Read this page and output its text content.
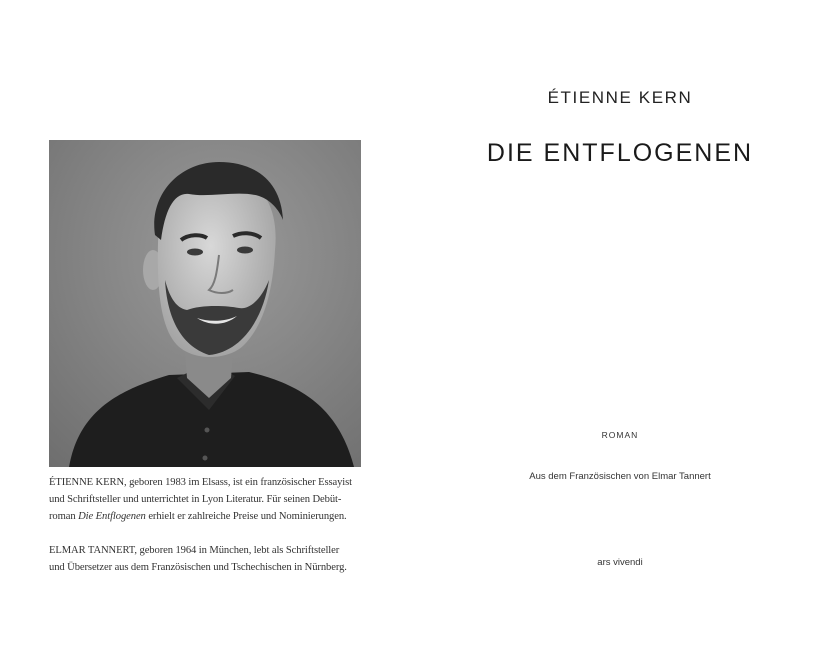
ÉTIENNE KERN, geboren 1983 im Elsass, ist ein französischer Essayist
und Schriftsteller und unterrichtet in Lyon Literatur. Für seinen Debüt-
roman Die Entflogenen erhielt er zahlreiche Preise und Nominierungen.
ELMAR TANNERT, geboren 1964 in München, lebt als Schriftsteller
und Übersetzer aus dem Französischen und Tschechischen in Nürnberg.
ÉTIENNE KERN
DIE ENTFLOGENEN
ROMAN
Aus dem Französischen von Elmar Tannert
ars vivendi
